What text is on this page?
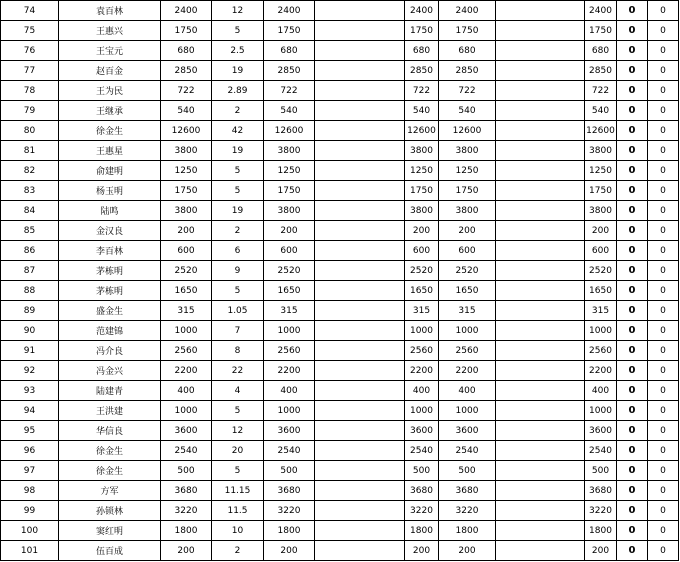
74	袁百林	2400	12	2400		2400	2400		2400	0	0	
75	王惠兴	1750	5	1750		1750	1750		1750	0	0	
76	王宝元	680	2.5	680		680	680		680	0	0	
77	赵百金	2850	19	2850		2850	2850		2850	0	0	
78	王为民	722	2.89	722		722	722		722	0	0	
79	王继承	540	2	540		540	540		540	0	0	
80	徐金生	12600	42	12600		12600	12600		12600	0	0	
81	王惠星	3800	19	3800		3800	3800		3800	0	0	
82	俞建明	1250	5	1250		1250	1250		1250	0	0	
83	杨玉明	1750	5	1750		1750	1750		1750	0	0	
84	陆鸣	3800	19	3800		3800	3800		3800	0	0	
85	金汉良	200	2	200		200	200		200	0	0	
86	李百林	600	6	600		600	600		600	0	0	
87	茅栋明	2520	9	2520		2520	2520		2520	0	0	
88	茅栋明	1650	5	1650		1650	1650		1650	0	0	
89	盛金生	315	1.05	315		315	315		315	0	0	
90	范建锦	1000	7	1000		1000	1000		1000	0	0	
91	冯介良	2560	8	2560		2560	2560		2560	0	0	
92	冯金兴	2200	22	2200		2200	2200		2200	0	0	
93	陆建青	400	4	400		400	400		400	0	0	
94	王洪建	1000	5	1000		1000	1000		1000	0	0	
95	华信良	3600	12	3600		3600	3600		3600	0	0	
96	徐金生	2540	20	2540		2540	2540		2540	0	0	
97	徐金生	500	5	500		500	500		500	0	0	
98	方军	3680	11.15	3680		3680	3680		3680	0	0	
99	孙锁林	3220	11.5	3220		3220	3220		3220	0	0	
100	窦红明	1800	10	1800		1800	1800		1800	0	0	
101	伍百成	200	2	200		200	200		200	0	0	
